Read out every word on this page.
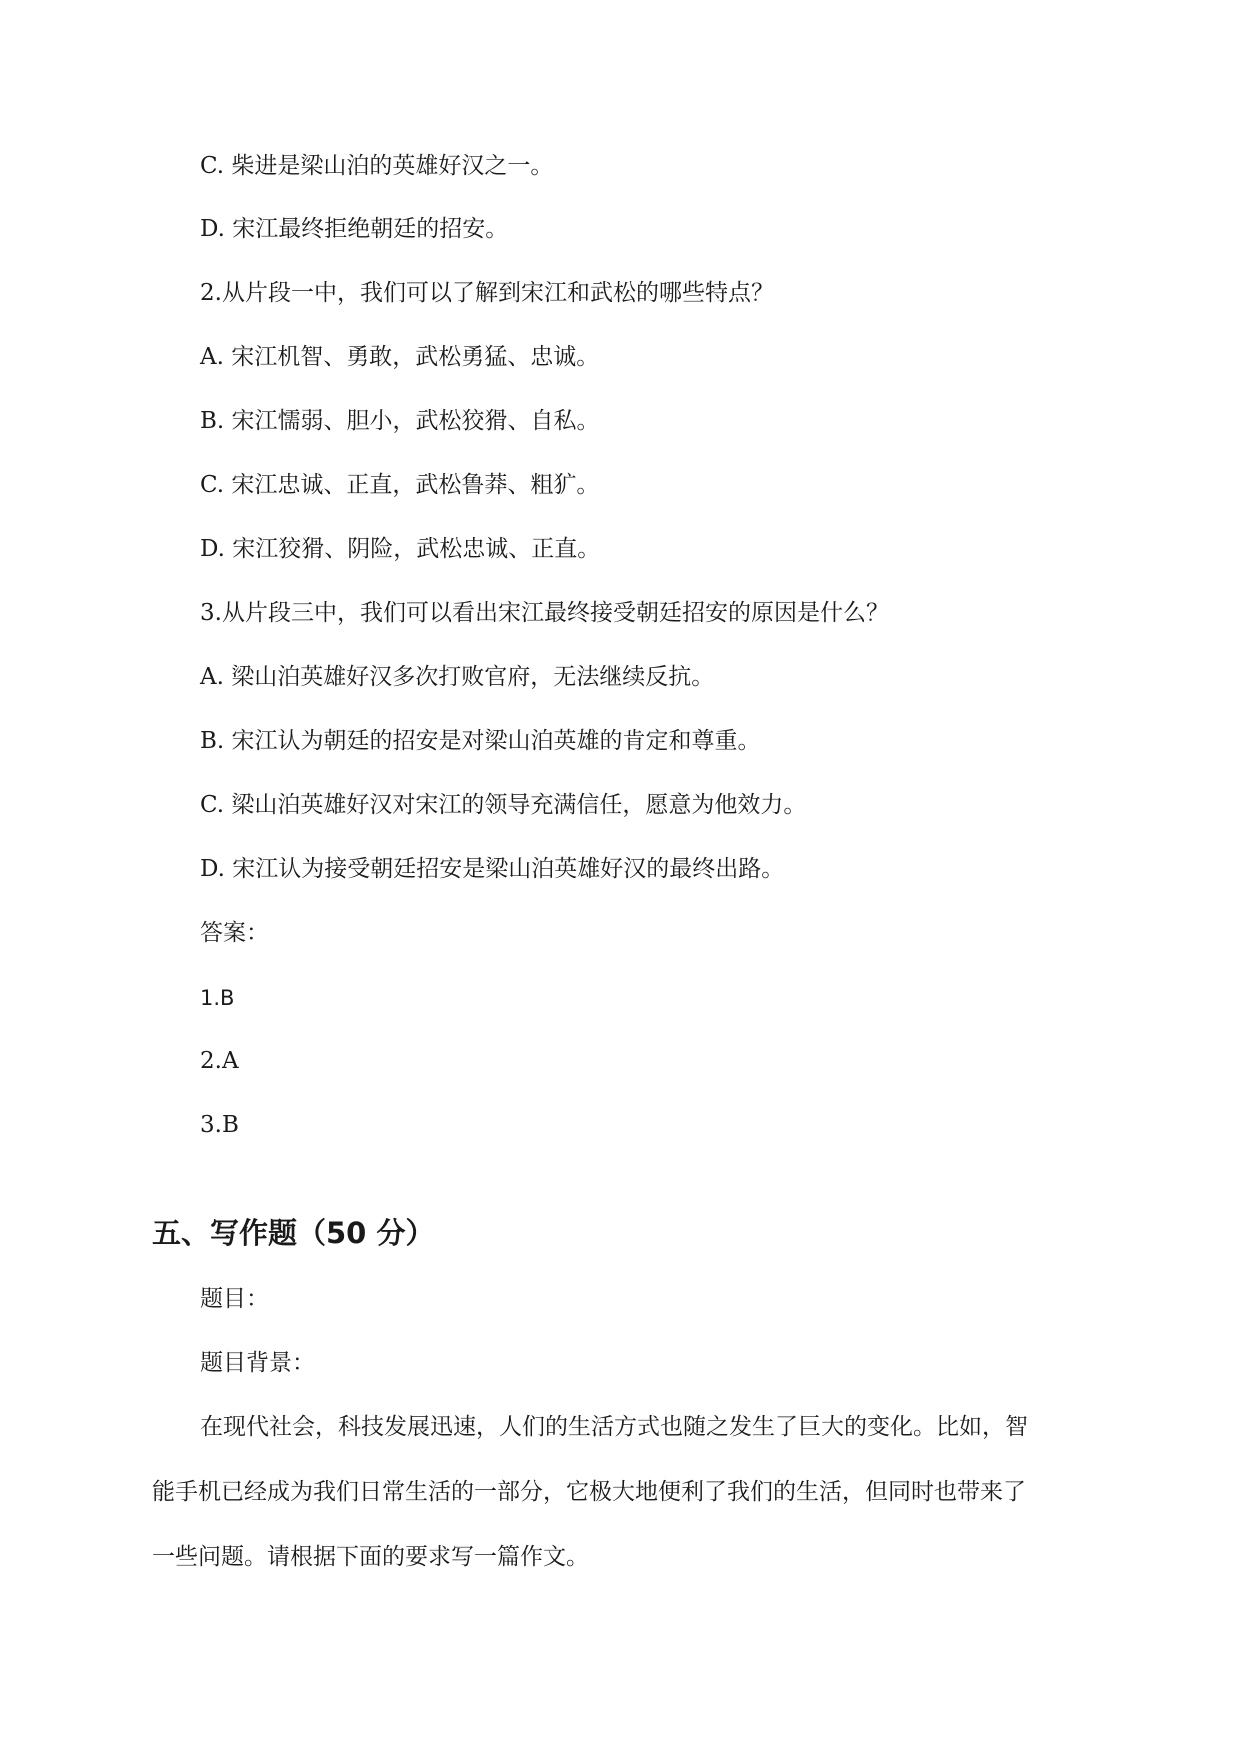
C. 柴进是梁山泊的英雄好汉之一。
D. 宋江最终拒绝朝廷的招安。
2.从片段一中，我们可以了解到宋江和武松的哪些特点？
A. 宋江机智、勇敢，武松勇猛、忠诚。
B. 宋江懦弱、胆小，武松狡猾、自私。
C. 宋江忠诚、正直，武松鲁莽、粗犷。
D. 宋江狡猾、阴险，武松忠诚、正直。
3.从片段三中，我们可以看出宋江最终接受朝廷招安的原因是什么？
A. 梁山泊英雄好汉多次打败官府，无法继续反抗。
B. 宋江认为朝廷的招安是对梁山泊英雄的肯定和尊重。
C. 梁山泊英雄好汉对宋江的领导充满信任，愿意为他效力。
D. 宋江认为接受朝廷招安是梁山泊英雄好汉的最终出路。
答案：
1.B
2.A
3.B
五、写作题（50 分）
题目：
题目背景：
在现代社会，科技发展迅速，人们的生活方式也随之发生了巨大的变化。比如，智
能手机已经成为我们日常生活的一部分，它极大地便利了我们的生活，但同时也带来了
一些问题。请根据下面的要求写一篇作文。
